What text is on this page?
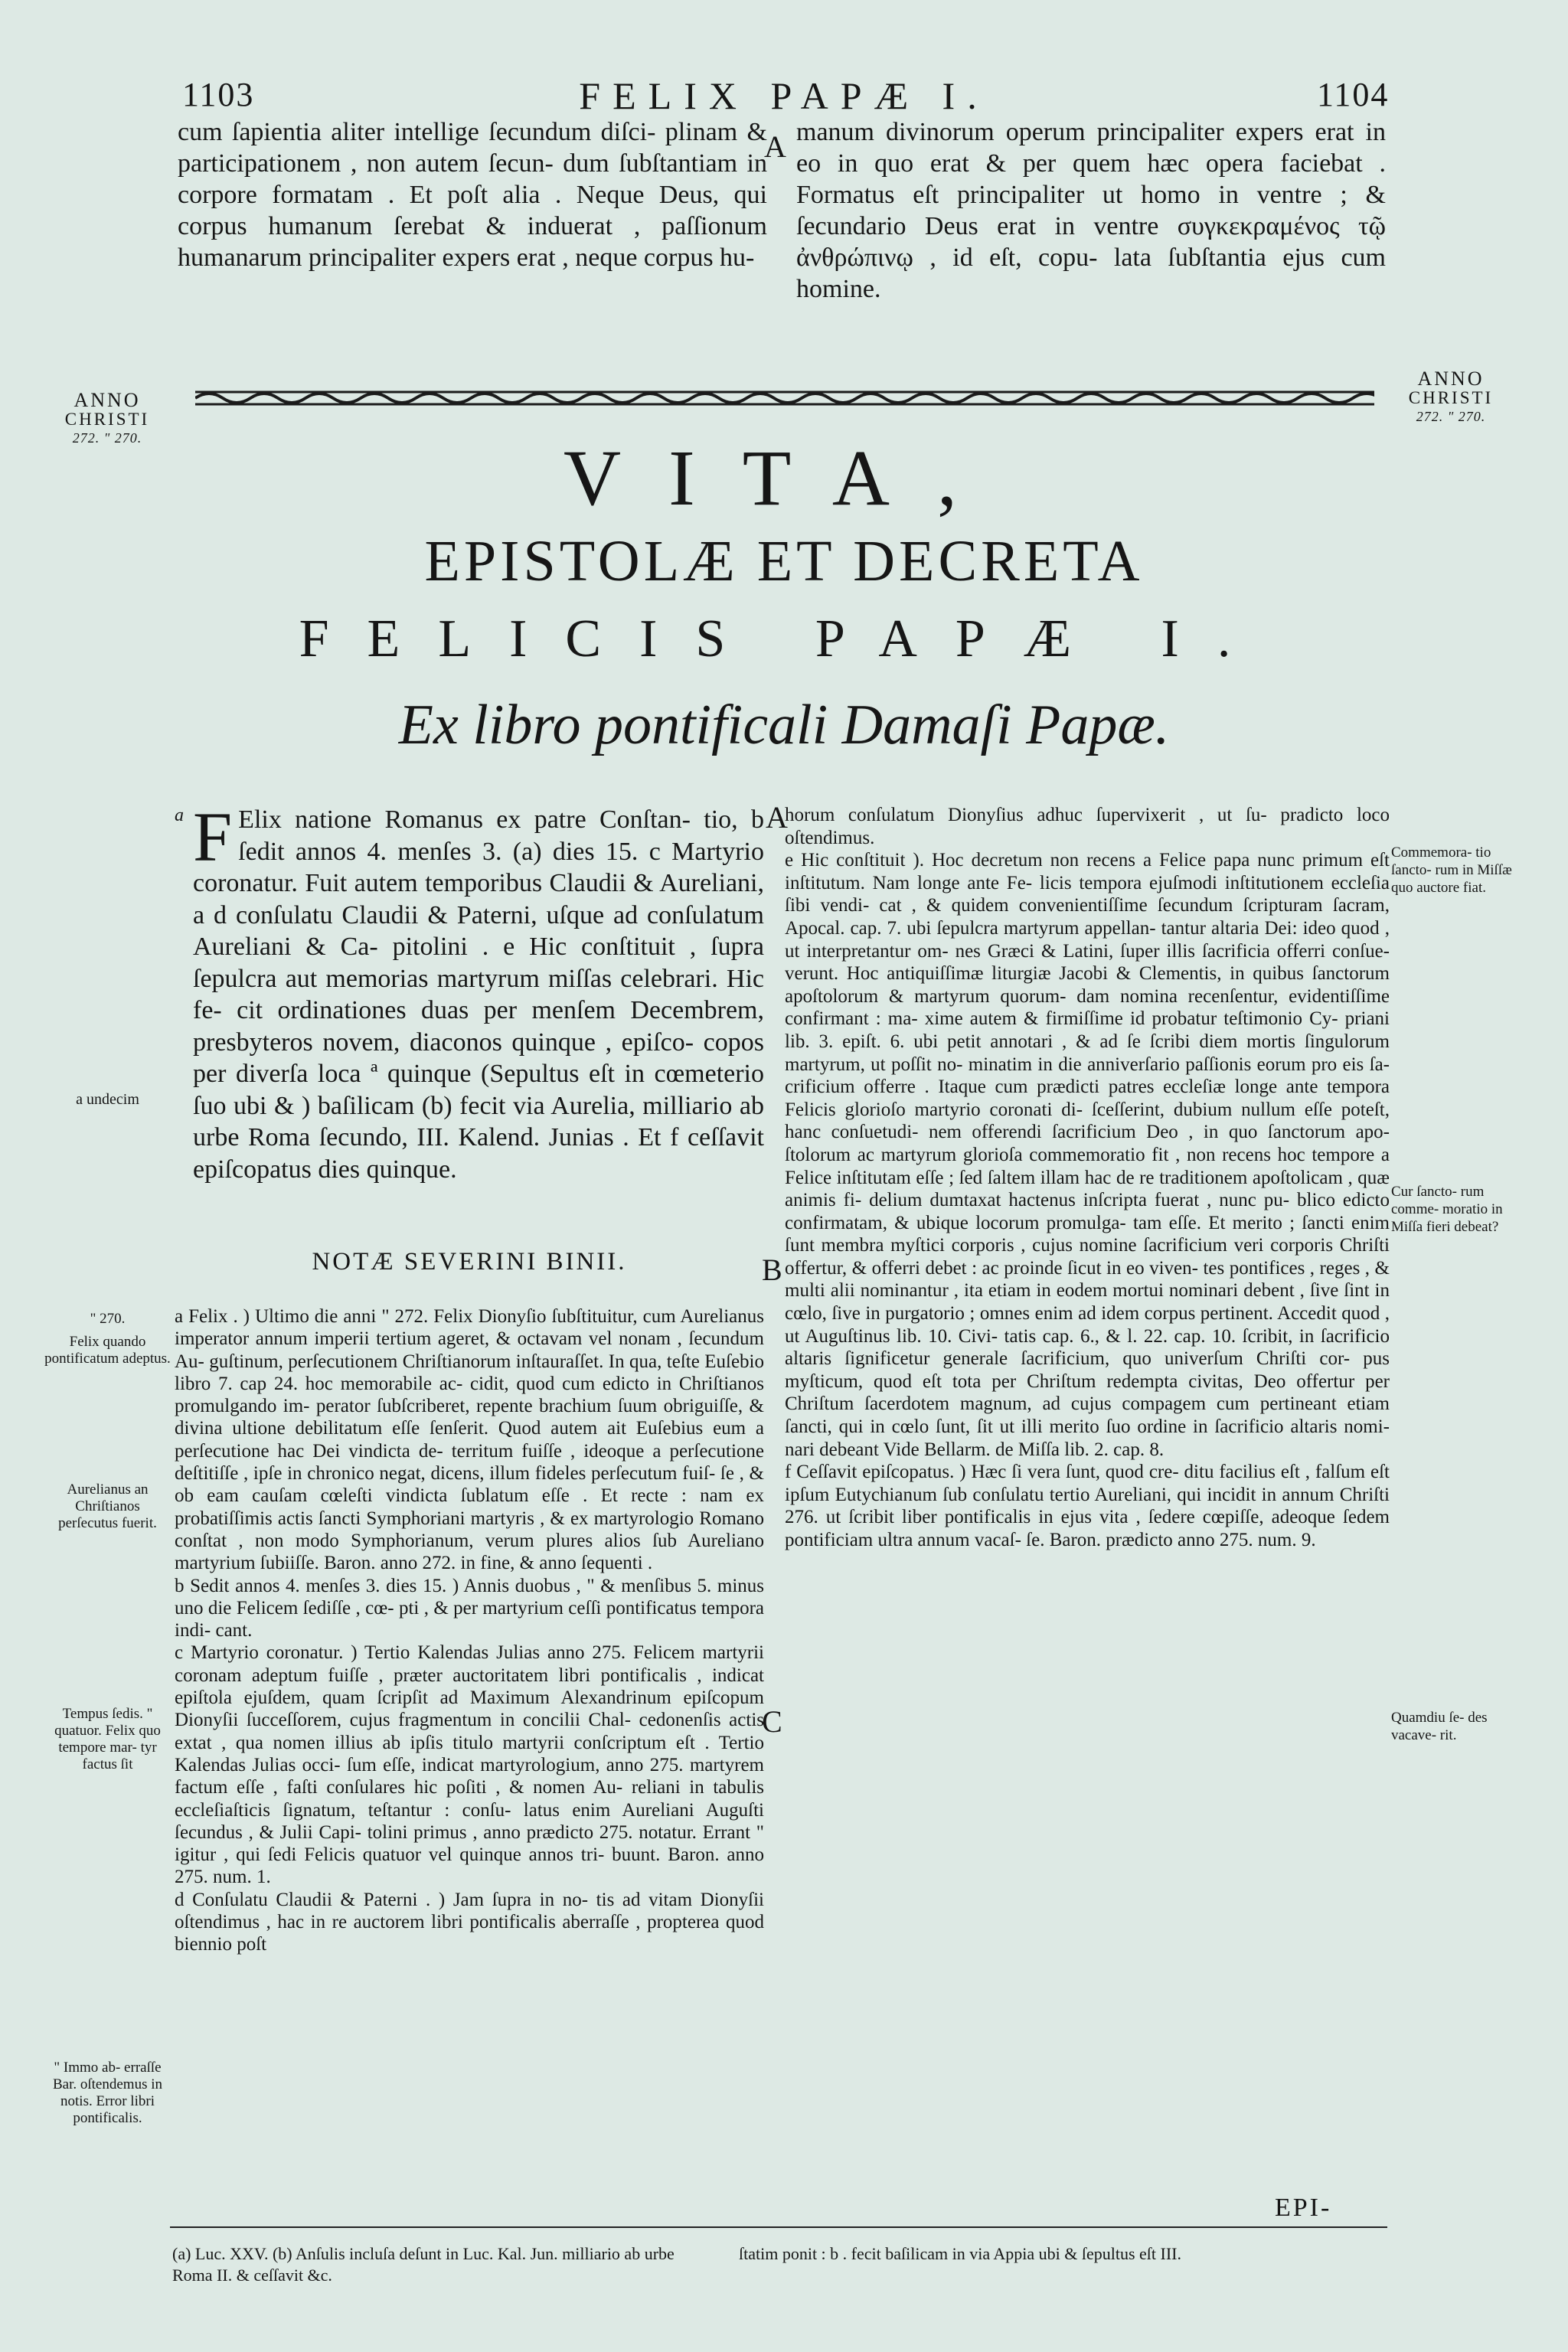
1103	FELIX PAPÆ I.	1104

cum ſapientia aliter intellige ſecundum diſci- plinam & participationem , non autem ſecun- dum ſubſtantiam in corpore formatam . Et poſt alia . Neque Deus, qui corpus humanum ſerebat & induerat , paſſionum humanarum principaliter expers erat , neque corpus hu-

A manum divinorum operum principaliter expers erat in eo in quo erat & per quem hæc opera faciebat . Formatus eſt principaliter ut homo in ventre ; & ſecundario Deus erat in ventre συγκεκραμένος τῷ ἀνθρώπινῳ , id eſt, copu- lata ſubſtantia ejus cum homine.

ANNO
CHRISTI
272. " 270.
ANNO
CHRISTI
272. " 270.
VITA,
EPISTOLÆ ET DECRETA
FELICIS PAPÆ I.
Ex libro pontificali Damaſi Papæ.
a F Elix natione Romanus ex patre Conſtan- tio, b ſedit annos 4. menſes 3. (a) dies 15. c Martyrio coronatur. Fuit autem temporibus Claudii & Aureliani, a d conſulatu Claudii & Paterni, uſque ad conſulatum Aureliani & Ca- pitolini . e Hic conſtituit , ſupra ſepulcra aut memorias martyrum miſſas celebrari. Hic fe- cit ordinationes duas per menſem Decembrem, presbyteros novem, diaconos quinque , epiſco- copos per diverſa loca ª quinque (Sepultus eſt in cœmeterio ſuo ubi & ) baſilicam (b) fecit via Aurelia, milliario ab urbe Roma ſecundo, III. Kalend. Junias . Et f ceſſavit epiſcopatus dies quinque.

A
a undecim
NOTÆ SEVERINI BINII.

a Felix . ) Ultimo die anni " 272. Felix Dionyſio ſubſtituitur, cum Aurelianus imperator annum imperii tertium ageret, & octavam vel nonam , ſecundum Au- guſtinum, perſecutionem Chriſtianorum inſtauraſſet. In qua, teſte Euſebio libro 7. cap 24. hoc memorabile ac- cidit, quod cum edicto in Chriſtianos promulgando im- perator ſubſcriberet, repente brachium ſuum obriguiſſe, & divina ultione debilitatum eſſe ſenſerit. Quod autem ait Euſebius eum a perſecutione hac Dei vindicta de- territum fuiſſe , ideoque a perſecutione deſtitiſſe , ipſe in chronico negat, dicens, illum fideles perſecutum fuiſ- ſe , & ob eam cauſam cœleſti vindicta ſublatum eſſe . Et recte : nam ex probatiſſimis actis ſancti Symphoriani martyris , & ex martyrologio Romano conſtat , non modo Symphorianum, verum plures alios ſub Aureliano martyrium ſubiiſſe. Baron. anno 272. in fine, & anno ſequenti .

b Sedit annos 4. menſes 3. dies 15. ) Annis duobus , " & menſibus 5. minus uno die Felicem ſediſſe , cœ- pti , & per martyrium ceſſi pontificatus tempora indi- cant.

c Martyrio coronatur. ) Tertio Kalendas Julias anno 275. Felicem martyrii coronam adeptum fuiſſe , præter auctoritatem libri pontificalis , indicat epiſtola ejuſdem, quam ſcripſit ad Maximum Alexandrinum epiſcopum Dionyſii ſucceſſorem, cujus fragmentum in concilii Chal- cedonenſis actis extat , qua nomen illius ab ipſis titulo martyrii conſcriptum eſt . Tertio Kalendas Julias occi- ſum eſſe, indicat martyrologium, anno 275. martyrem factum eſſe , faſti conſulares hic poſiti , & nomen Au- reliani in tabulis eccleſiaſticis ſignatum, teſtantur : conſu- latus enim Aureliani Auguſti ſecundus , & Julii Capi- tolini primus , anno prædicto 275. notatur. Errant " igitur , qui ſedi Felicis quatuor vel quinque annos tri- buunt. Baron. anno 275. num. 1.

d Conſulatu Claudii & Paterni . ) Jam ſupra in no- tis ad vitam Dionyſii oſtendimus , hac in re auctorem libri pontificalis aberraſſe , propterea quod biennio poſt

horum conſulatum Dionyſius adhuc ſupervixerit , ut ſu- pradicto loco oſtendimus.

e Hic conſtituit ). Hoc decretum non recens a Felice papa nunc primum eſt inſtitutum. Nam longe ante Fe- licis tempora ejuſmodi inſtitutionem eccleſia ſibi vendi- cat , & quidem convenientiſſime ſecundum ſcripturam ſacram, Apocal. cap. 7. ubi ſepulcra martyrum appellan- tantur altaria Dei: ideo quod , ut interpretantur om- nes Græci & Latini, ſuper illis ſacrificia offerri conſue- verunt. Hoc antiquiſſimæ liturgiæ Jacobi & Clementis, in quibus ſanctorum apoſtolorum & martyrum quorum- dam nomina recenſentur, evidentiſſime confirmant : ma- xime autem & firmiſſime id probatur teſtimonio Cy- priani lib. 3. epiſt. 6. ubi petit annotari , & ad ſe ſcribi diem mortis ſingulorum martyrum, ut poſſit no- minatim in die anniverſario paſſionis eorum pro eis ſa- crificium offerre . Itaque cum prædicti patres eccleſiæ longe ante tempora Felicis glorioſo martyrio coronati di- ſceſſerint, dubium nullum eſſe poteſt, hanc conſuetudi- nem offerendi ſacrificium Deo , in quo ſanctorum apo- ſtolorum ac martyrum glorioſa commemoratio fit , non recens hoc tempore a Felice inſtitutam eſſe ; ſed ſaltem illam hac de re traditionem apoſtolicam , quæ animis fi- delium dumtaxat hactenus inſcripta fuerat , nunc pu- blico edicto confirmatam, & ubique locorum promulga- tam eſſe. Et merito ; ſancti enim ſunt membra myſtici corporis , cujus nomine ſacrificium veri corporis Chriſti offertur, & offerri debet : ac proinde ſicut in eo viven- tes pontifices , reges , & multi alii nominantur , ita etiam in eodem mortui nominari debent , ſive ſint in cœlo, ſive in purgatorio ; omnes enim ad idem corpus pertinent. Accedit quod , ut Auguſtinus lib. 10. Civi- tatis cap. 6., & l. 22. cap. 10. ſcribit, in ſacrificio altaris ſignificetur generale ſacrificium, quo univerſum Chriſti cor- pus myſticum, quod eſt tota per Chriſtum redempta civitas, Deo offertur per Chriſtum ſacerdotem magnum, ad cujus compagem cum pertineant etiam ſancti, qui in cœlo ſunt, ſit ut illi merito ſuo ordine in ſacrificio altaris nomi- nari debeant Vide Bellarm. de Miſſa lib. 2. cap. 8.

f Ceſſavit epiſcopatus. ) Hæc ſi vera ſunt, quod cre- ditu facilius eſt , falſum eſt ipſum Eutychianum ſub conſulatu tertio Aureliani, qui incidit in annum Chriſti 276. ut ſcribit liber pontificalis in ejus vita , ſedere cœpiſſe, adeoque ſedem pontificiam ultra annum vacaſ- ſe. Baron. prædicto anno 275. num. 9.

B
C
" 270.
Felix quando pontificatum adeptus.
Aurelianus an Chriſtianos perſecutus fuerit.
Tempus ſedis. " quatuor. Felix quo tempore mar- tyr factus ſit
" Immo ab- erraſſe Bar. oſtendemus in notis. Error libri pontificalis.
Commemora- tio ſancto- rum in Miſſæ quo auctore fiat.
Cur ſancto- rum comme- moratio in Miſſa fieri debeat?
Quamdiu ſe- des vacave- rit.
EPI-
(a) Luc. XXV. (b) Anſulis incluſa deſunt in Luc. Kal. Jun. milliario ab urbe Roma II. & ceſſavit &c.
ſtatim ponit : b . fecit baſilicam in via Appia ubi & ſepultus eſt III.
